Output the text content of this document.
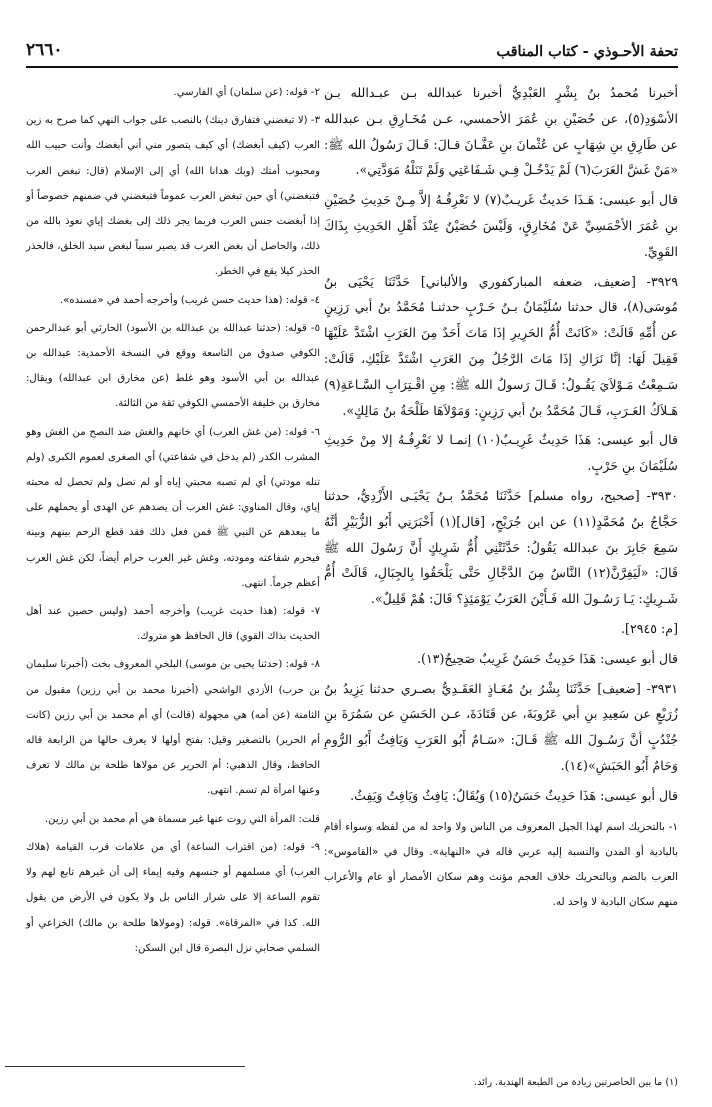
تحفة الأحـوذي - كتاب المناقب
٢٦٦٠

أخبرنا مُحمدُ بنُ بِشْرٍ العَبْدِيُّ أخبرنا عبدالله بـن عبـدالله بـن الأسْوَدِ(٥)، عن حُصَيْنِ بنِ عُمَرَ الأحمسي، عـن مُخَـارِقِ بـن عبدالله عن طَارِقِ بنِ شِهَابٍ عن عُثْمانَ بنِ عَفَّـانَ قـالَ: قَـالَ رَسُولُ الله ﷺ: «مَنْ غَشَّ العَرَبَ(٦) لَمْ يَدْخُـلْ فِـي شَـفَاعَتِي وَلَمْ تَنَلْهُ مَوَدَّتِي».

قال أبو عيسى: هَـذَا حَديثٌ غَريـبٌ(٧) لا نَعْرِفُـهُ إلاَّ مِـنْ حَدِيثِ حُصَيْنِ بنِ عُمَرَ الأحْمَسِيِّ عَنْ مُخَارِقٍ، وَلَيْسَ حُصَيْنٌ عِنْدَ أَهْلِ الحَدِيثِ بِذَاكَ القَوِيِّ.

٣٩٢٩- [ضعيف، ضعفه المباركفوري والألباني] حَدَّثَنَا يَحْيَى بنُ مُوسَى(٨)، قال حدثنا سُلَيْمَانُ بـنُ حَـرْبٍ حدثنـا مُحَمَّدُ بنُ أبي رَزِينٍ عن أُمِّهِ قَالَتْ: «كَانَتْ أُمُّ الحَرِيرِ إذَا مَاتَ أَحَدٌ مِنَ العَرَبِ اشْتَدَّ عَلَيْهَا فَقِيلَ لَهَا: إنَّا نَرَاكِ إذَا مَاتَ الرَّجُلُ مِنَ العَرَبِ اشْتَدَّ عَلَيْكِ، قَالَتْ: سَـمِعْتُ مَـوْلاَيَ يَقُـولُ: قَـالَ رَسولُ الله ﷺ: مِنِ اقْـتِرَابِ السَّـاعَةِ(٩) هَـلاَكُ العَـرَبِ، قَـالَ مُحَمَّدُ بنُ أبي رَزِينٍ: وَمَوْلاَهَا طَلْحَةُ بنُ مَالِكٍ».

قال أبو عيسى: هَذَا حَدِيثٌ غَرِيـبٌ(١٠) إنمـا لا نَعْرِفُـهُ إلا مِنْ حَدِيثِ سُلَيْمَانَ بنِ حَرْبٍ.

٣٩٣٠- [صحيح، رواه مسلم] حَدَّثَنَا مُحَمَّدُ بـنُ يَحْيَـى الأَزْدِيُّ، حدثنا حَجَّاجُ بنُ مُحَمَّدٍ(١١) عن ابن جُرَيْجٍ، [قال](١) أَخْبَرَنِي أَبُو الزُّبَيْرِ أنَّهُ سَمِعَ جَابِرَ بنَ عبدالله يَقُولُ: حَدَّثَتْنِي أُمُّ شَرِيكٍ أَنَّ رَسُولَ الله ﷺ قَالَ: «لَيَفِرَّنَّ(١٢) النَّاسُ مِنَ الدَّجَّالِ حَتَّى يَلْحَقُوا بِالجِبَالِ، قَالَتْ أُمُّ شَـرِيكٍ: يَـا رَسُـولَ الله فَـأَيْنَ العَرَبُ يَوْمَئِذٍ؟ قَالَ: هُمْ قَلِيلٌ».

[م: ٢٩٤٥].

قال أبو عيسى: هَذَا حَدِيثٌ حَسَنٌ غَرِيبٌ صَحِيحٌ(١٣).

٣٩٣١- [ضعيف] حَدَّثَنَا بِشْرُ بنُ مُعَـاذٍ العَقَـدِيُّ بصـري حدثنا يَزِيدُ بنُ زُرَيْعٍ عن سَعِيدِ بنِ أبي عَرُوبَةَ، عن قَتَادَةَ، عـن الحَسَنِ عن سَمُرَةَ بنِ جُنْدُبٍ أنَّ رَسُـولَ الله ﷺ قَـالَ: «سَـامٌ أَبُو العَرَبِ وَيَافِثُ أَبُو الرُّومِ وَحَامٌ أَبُو الحَبَشِ»(١٤).

قال أبو عيسى: هَذَا حَدِيثٌ حَسَنٌ(١٥) وَيُقَالُ: يَافِثُ وَيَافِتُ وَيَفِثُ.

١- بالتحريك اسم لهذا الجيل المعروف من الناس ولا واحد له من لفظه وسواء أقام بالبادية أو المدن والنسبة إليه عربي قاله في «النهاية». وقال في «القاموس»: العرب بالضم وبالتحريك خلاف العجم مؤنث وهم سكان الأمصار أو عام والأعراب منهم سكان البادية لا واحد له.

٢- قوله: (عن سلمان) أي الفارسي.

٣- (لا تبغضني فتفارق دينك) بالنصب على جواب النهي كما صرح به زين العرب (كيف أبغضك) أي كيف يتصور مني أني أبغضك وأنت حبيب الله ومحبوب أمتك (وبك هدانا الله) أي إلى الإسلام (قال: تبغض العرب فتبغضني) أي حين تبغض العرب عموماً فتبغضني في ضمنهم خصوصاً أو إذا أبغضت جنس العرب فربما يجر ذلك إلى بغضك إياي نعوذ بالله من ذلك، والحاصل أن بغض العرب قد يصير سبباً لبغض سيد الخلق، فالحذر الحذر كيلا يقع في الخطر.

٤- قوله: (هذا حديث حسن غريب) وأخرجه أحمد في «مسنده».

٥- قوله: (حدثنا عبدالله بن عبدالله بن الأسود) الحارثي أبو عبدالرحمن الكوفي صدوق من التاسعة ووقع في النسخة الأحمدية: عبدالله بن عبدالله بن أبي الأسود وهو غلط (عن مخارق ابن عبدالله) ويقال: مخارق بن خليفة الأحمسي الكوفي ثقة من الثالثة.

٦- قوله: (من غش العرب) أي خانهم والغش ضد النصح من الغش وهو المشرب الكدر (لم يدخل في شفاعتي) أي الصغرى لعموم الكبرى (ولم تنله مودتي) أي لم تصبه محبتي إياه أو لم تصل ولم تحصل له محبته إياي، وقال المناوي: غش العرب أن يصدهم عن الهدى أو يحملهم على ما يبعدهم عن النبي ﷺ فمن فعل ذلك فقد قطع الرحم بينهم وبينه فيحرم شفاعته ومودته، وغش غير العرب حرام أيضاً، لكن غش العرب أعظم جرماً. انتهى.

٧- قوله: (هذا حديث غريب) وأخرجه أحمد (وليس حصين عند أهل الحديث بذاك القوي) قال الحافظ هو متروك.

٨- قوله: (حدثنا يحيى بن موسى) البلخي المعروف بخت (أخبرنا سليمان بن حرب) الأزدي الواشحي (أخبرنا محمد بن أبي رزين) مقبول من الثامنة (عن أمه) هي مجهولة (قالت) أي أم محمد بن أبي رزين (كانت أم الحرير) بالتصغير وقيل: بفتح أولها لا يعرف حالها من الرابعة قاله الحافظ، وقال الذهبي: أم الحرير عن مولاها طلحة بن مالك لا تعرف وعنها امرأة لم تسم. انتهى.

قلت: المرأة التي روت عنها غير مسماة هي أم محمد بن أبي رزين.

٩- قوله: (من اقتراب الساعة) أي من علامات قرب القيامة (هلاك العرب) أي مسلمهم أو جنسهم وفيه إيماء إلى أن غيرهم تابع لهم ولا تقوم الساعة إلا على شرار الناس بل ولا يكون في الأرض من يقول الله. كذا في «المرقاة». قوله: (ومولاها طلحة بن مالك) الخزاعي أو السلمي صحابي نزل البصرة قال ابن السكن:

(١) ما بين الحاصرتين زيادة من الطبعة الهندية. رائد.
